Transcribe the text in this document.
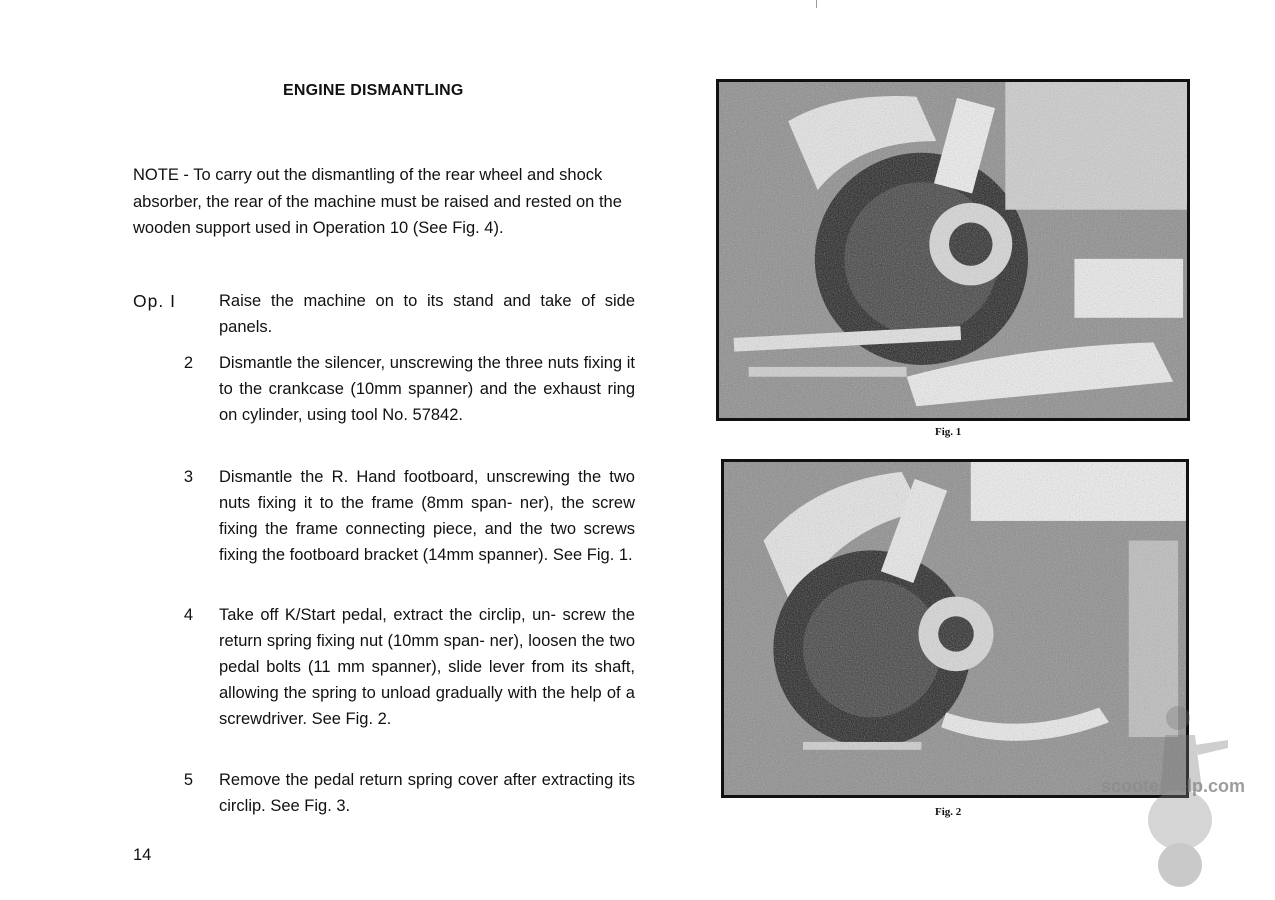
ENGINE DISMANTLING
NOTE - To carry out the dismantling of the rear wheel and shock absorber, the rear of the machine must be raised and rested on the wooden support used in Operation 10 (See Fig. 4).
Op. I	Raise the machine on to its stand and take of side panels.
2 Dismantle the silencer, unscrewing the three nuts fixing it to the crankcase (10mm spanner) and the exhaust ring on cylinder, using tool No. 57842.
3 Dismantle the R. Hand footboard, unscrewing the two nuts fixing it to the frame (8mm span- ner), the screw fixing the frame connecting piece, and the two screws fixing the footboard bracket (14mm spanner). See Fig. 1.
4 Take off K/Start pedal, extract the circlip, un- screw the return spring fixing nut (10mm span- ner), loosen the two pedal bolts (11 mm spanner), slide lever from its shaft, allowing the spring to unload gradually with the help of a screwdriver. See Fig. 2.
5 Remove the pedal return spring cover after extracting its circlip. See Fig. 3.
14
Fig. 1
Fig. 2
scooterhelp.com
